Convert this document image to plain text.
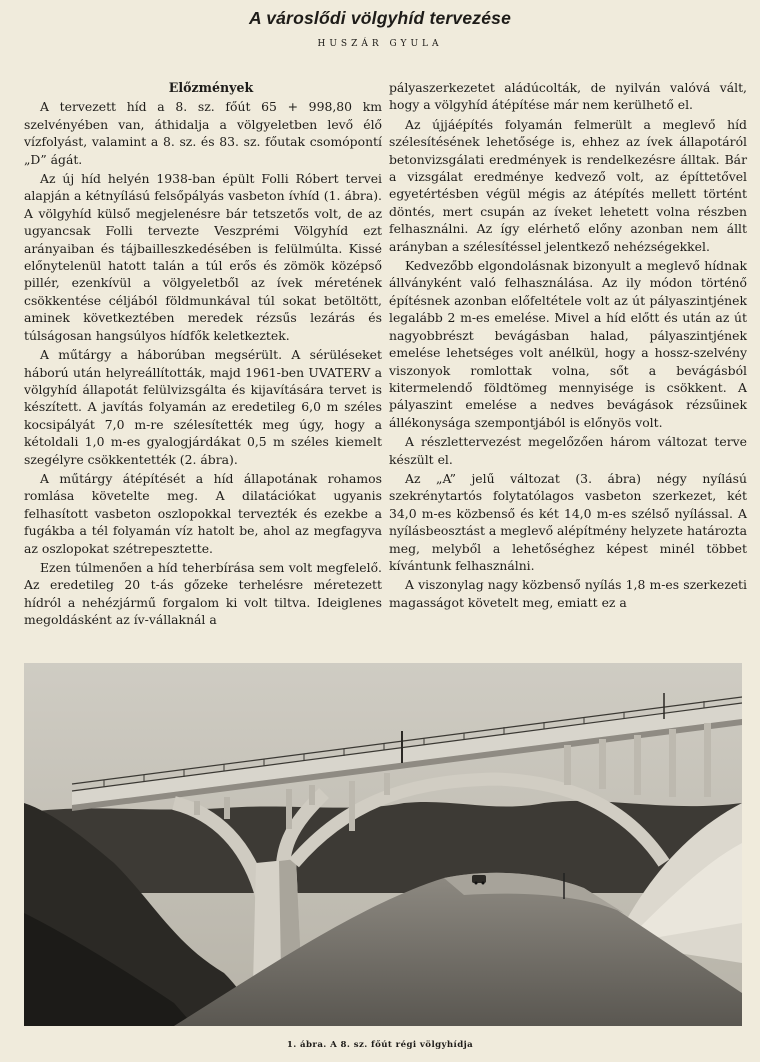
A városlődi völgyhíd tervezése
HUSZÁR GYULA

Előzmények

A tervezett híd a 8. sz. főút 65 + 998,80 km szelvényében van, áthidalja a völgyeletben levő élő vízfolyást, valamint a 8. sz. és 83. sz. főutak csomópontí „D” ágát.

Az új híd helyén 1938-ban épült Folli Róbert tervei alapján a kétnyílású felsőpályás vasbeton ívhíd (1. ábra). A völgyhíd külső megjelenésre bár tetszetős volt, de az ugyancsak Folli tervezte Veszprémi Völgyhíd ezt arányaiban és tájbailleszkedésében is felülmúlta. Kissé előnytelenül hatott talán a túl erős és zömök középső pillér, ezenkívül a völgyeletből az ívek méretének csökkentése céljából földmunkával túl sokat betöltött, aminek következtében meredek rézsűs lezárás és túlságosan hangsúlyos hídfők keletkeztek.

A műtárgy a háborúban megsérült. A sérüléseket háború után helyreállították, majd 1961-ben UVATERV a völgyhíd állapotát felülvizsgálta és kijavítására tervet is készített. A javítás folyamán az eredetileg 6,0 m széles kocsipályát 7,0 m-re szélesítették meg úgy, hogy a kétoldali 1,0 m-es gyalogjárdákat 0,5 m széles kiemelt szegélyre csökkentették (2. ábra).

A műtárgy átépítését a híd állapotának rohamos romlása követelte meg. A dilatációkat ugyanis felhasított vasbeton oszlopokkal tervezték és ezekbe a fugákba a tél folyamán víz hatolt be, ahol az megfagyva az oszlopokat szétrepesztette.

Ezen túlmenően a híd teherbírása sem volt megfelelő. Az eredetileg 20 t-ás gőzeke terhelésre méretezett hídról a nehézjármű forgalom ki volt tiltva. Ideiglenes megoldásként az ív-vállaknál a

pályaszerkezetet aládúcolták, de nyilván valóvá vált, hogy a völgyhíd átépítése már nem kerülhető el.

Az újjáépítés folyamán felmerült a meglevő híd szélesítésének lehetősége is, ehhez az ívek állapotáról betonvizsgálati eredmények is rendelkezésre álltak. Bár a vizsgálat eredménye kedvező volt, az építtetővel egyetértésben végül mégis az átépítés mellett történt döntés, mert csupán az íveket lehetett volna részben felhasználni. Az így elérhető előny azonban nem állt arányban a szélesítéssel jelentkező nehézségekkel.

Kedvezőbb elgondolásnak bizonyult a meglevő hídnak állványként való felhasználása. Az ily módon történő építésnek azonban előfeltétele volt az út pályaszintjének legalább 2 m-es emelése. Mivel a híd előtt és után az út nagyobbrészt bevágásban halad, pályaszintjének emelése lehetséges volt anélkül, hogy a hossz-szelvény viszonyok romlottak volna, sőt a bevágásból kitermelendő földtömeg mennyisége is csökkent. A pályaszint emelése a nedves bevágások rézsűinek állékonysága szempontjából is előnyös volt.

A részlettervezést megelőzően három változat terve készült el.

Az „A” jelű változat (3. ábra) négy nyílású szekrénytartós folytatólagos vasbeton szerkezet, két 34,0 m-es közbenső és két 14,0 m-es szélső nyílással. A nyílásbeosztást a meglevő alépítmény helyzete határozta meg, melyből a lehetőséghez képest minél többet kívántunk felhasználni.

A viszonylag nagy közbenső nyílás 1,8 m-es szerkezeti magasságot követelt meg, emiatt ez a

1. ábra. A 8. sz. főút régi völgyhídja
